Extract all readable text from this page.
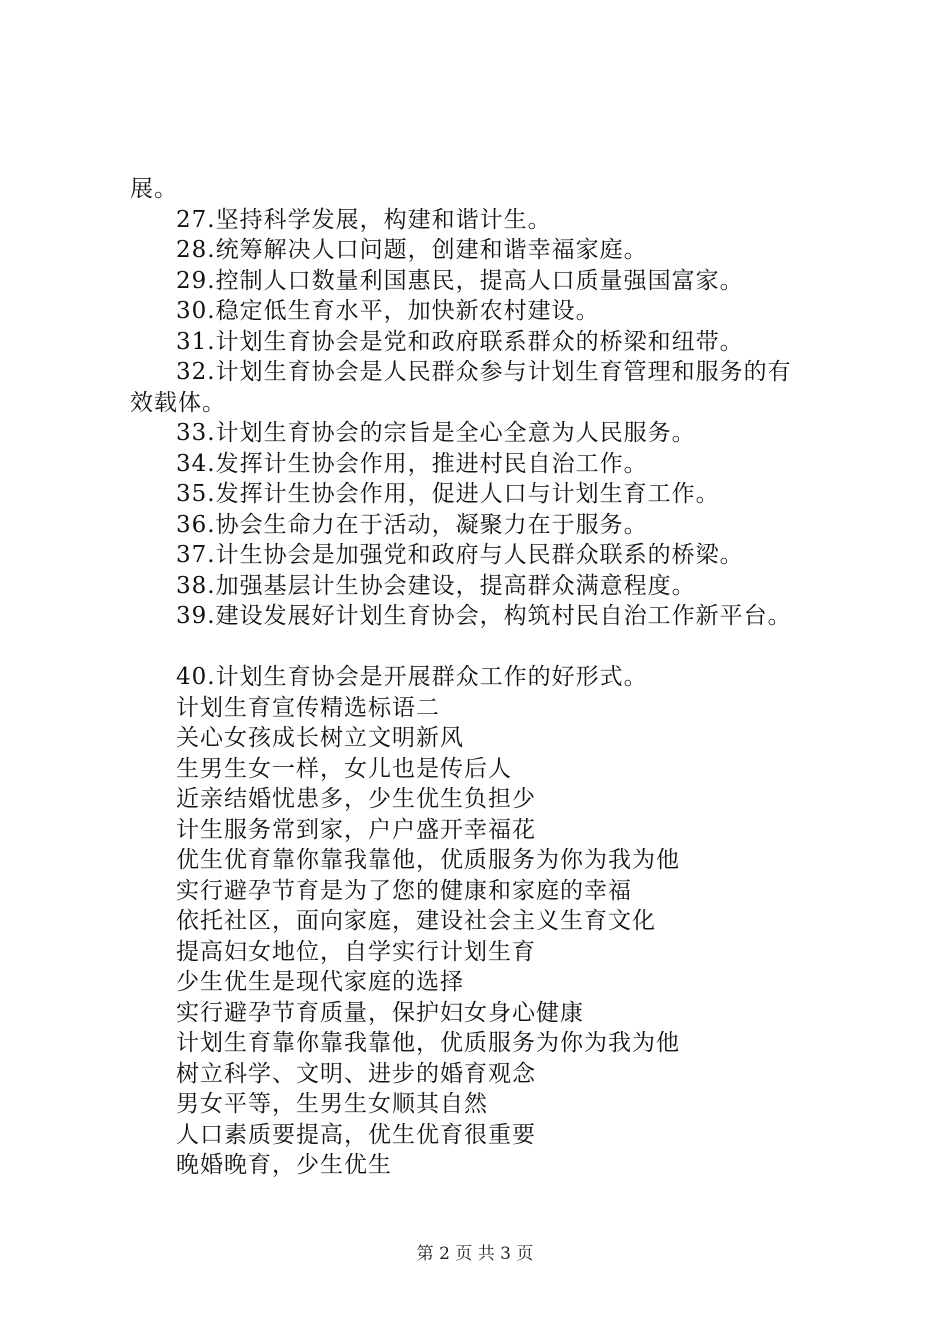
展。
27.坚持科学发展，构建和谐计生。
28.统筹解决人口问题，创建和谐幸福家庭。
29.控制人口数量利国惠民，提高人口质量强国富家。
30.稳定低生育水平，加快新农村建设。
31.计划生育协会是党和政府联系群众的桥梁和纽带。
32.计划生育协会是人民群众参与计划生育管理和服务的有
效载体。
33.计划生育协会的宗旨是全心全意为人民服务。
34.发挥计生协会作用，推进村民自治工作。
35.发挥计生协会作用，促进人口与计划生育工作。
36.协会生命力在于活动，凝聚力在于服务。
37.计生协会是加强党和政府与人民群众联系的桥梁。
38.加强基层计生协会建设，提高群众满意程度。
39.建设发展好计划生育协会，构筑村民自治工作新平台。
40.计划生育协会是开展群众工作的好形式。
计划生育宣传精选标语二
关心女孩成长树立文明新风
生男生女一样，女儿也是传后人
近亲结婚忧患多，少生优生负担少
计生服务常到家，户户盛开幸福花
优生优育靠你靠我靠他，优质服务为你为我为他
实行避孕节育是为了您的健康和家庭的幸福
依托社区，面向家庭，建设社会主义生育文化
提高妇女地位，自学实行计划生育
少生优生是现代家庭的选择
实行避孕节育质量，保护妇女身心健康
计划生育靠你靠我靠他，优质服务为你为我为他
树立科学、文明、进步的婚育观念
男女平等，生男生女顺其自然
人口素质要提高，优生优育很重要
晚婚晚育，少生优生
第 2 页 共 3 页
